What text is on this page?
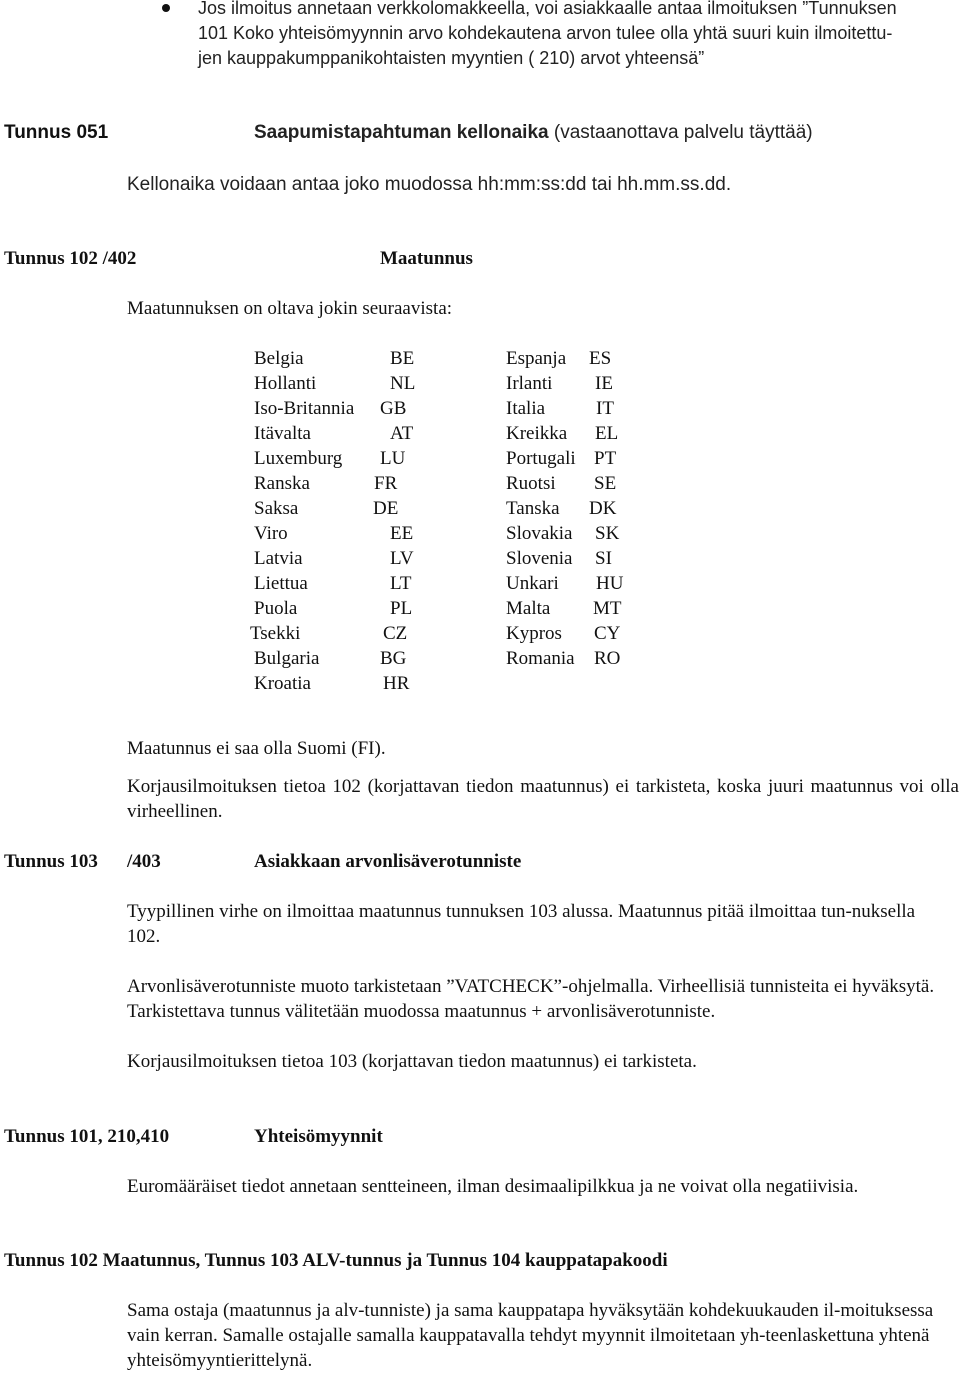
Jos ilmoitus annetaan verkkolomakkeella, voi asiakkaalle antaa ilmoituksen ”Tunnuksen
101 Koko yhteisömyynnin arvo kohdekautena arvon tulee olla yhtä suuri kuin ilmoitettu-
jen kauppakumppanikohtaisten myyntien ( 210) arvot yhteensä”
Tunnus 051	Saapumistapahtuman kellonaika (vastaanottava palvelu täyttää)
Kellonaika voidaan antaa joko muodossa hh:mm:ss:dd tai hh.mm.ss.dd.
Tunnus 102 /402	Maatunnus
Maatunnuksen on oltava jokin seuraavista:
Belgia	BE
Hollanti	NL
Iso-Britannia GB
Itävalta	AT
Luxemburg LU
Ranska	FR
Saksa	DE
Viro	EE
Latvia	LV
Liettua	LT
Puola	PL
Tsekki	CZ
Bulgaria	BG
Kroatia	HR
Espanja ES
Irlanti IE
Italia	IT
Kreikka EL
Portugali PT
Ruotsi SE
Tanska DK
Slovakia SK
Slovenia SI
Unkari HU
Malta MT
Kypros CY
Romania RO
Maatunnus ei saa olla Suomi (FI).
Korjausilmoituksen tietoa 102 (korjattavan tiedon maatunnus) ei tarkisteta, koska juuri maatunnus voi olla virheellinen.
Tunnus 103 /403	Asiakkaan arvonlisäverotunniste
Tyypillinen virhe on ilmoittaa maatunnus tunnuksen 103 alussa. Maatunnus pitää ilmoittaa tun-nuksella 102.
Arvonlisäverotunniste muoto tarkistetaan ”VATCHECK”-ohjelmalla. Virheellisiä tunnisteita ei hyväksytä. Tarkistettava tunnus välitetään muodossa maatunnus + arvonlisäverotunniste.
Korjausilmoituksen tietoa 103 (korjattavan tiedon maatunnus) ei tarkisteta.
Tunnus 101, 210,410	Yhteisömyynnit
Euromääräiset tiedot annetaan sentteineen, ilman desimaalipilkkua ja ne voivat olla negatiivisia.
Tunnus 102 Maatunnus, Tunnus 103 ALV-tunnus ja Tunnus 104 kauppatapakoodi
Sama ostaja (maatunnus ja alv-tunniste) ja sama kauppatapa hyväksytään kohdekuukauden il-moituksessa vain kerran. Samalle ostajalle samalla kauppatavalla tehdyt myynnit ilmoitetaan yh-teenlaskettuna yhtenä yhteisömyyntierittelynä.
